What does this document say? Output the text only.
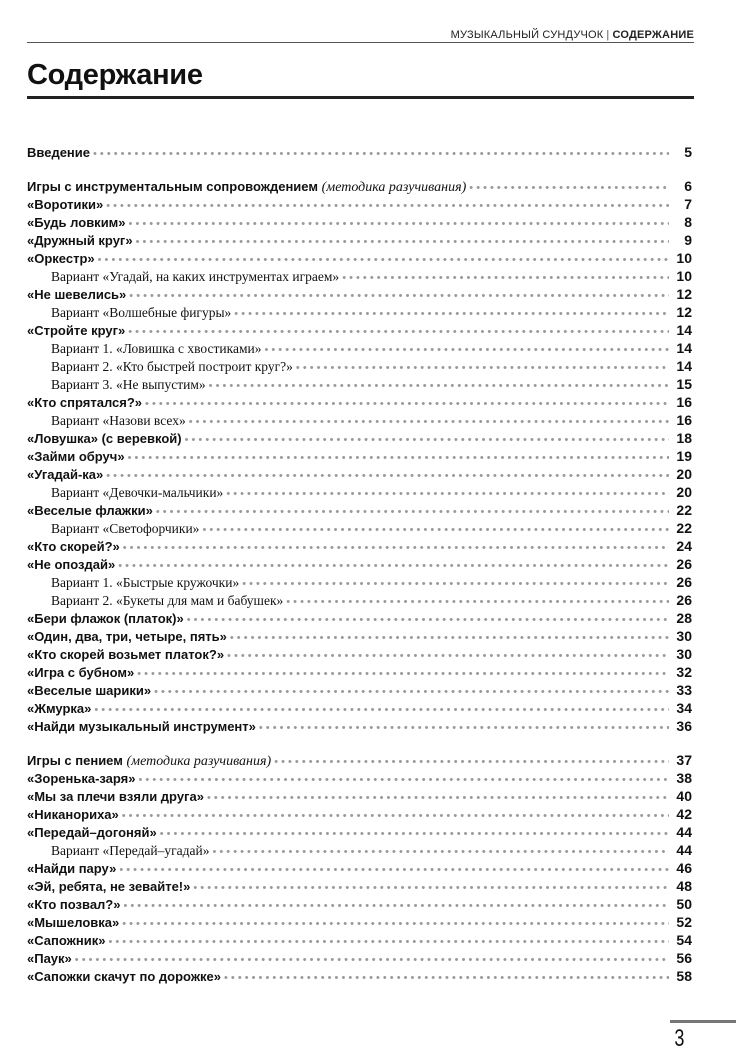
МУЗЫКАЛЬНЫЙ СУНДУЧОК | СОДЕРЖАНИЕ
Содержание
Введение • • •	5
Игры с инструментальным сопровождением (методика разучивания) • • •	6
«Воротики» • • •	7
«Будь ловким» • • •	8
«Дружный круг» • • •	9
«Оркестр» • • •	10
Вариант «Угадай, на каких инструментах играем» • • •	10
«Не шевелись» • • •	12
Вариант «Волшебные фигуры» • • •	12
«Стройте круг» • • •	14
Вариант 1. «Ловишка с хвостиками» • • •	14
Вариант 2. «Кто быстрей построит круг?» • • •	14
Вариант 3. «Не выпустим» • • •	15
«Кто спрятался?» • • •	16
Вариант «Назови всех» • • •	16
«Ловушка» (с веревкой) • • •	18
«Займи обруч» • • •	19
«Угадай-ка» • • •	20
Вариант «Девочки-мальчики» • • •	20
«Веселые флажки» • • •	22
Вариант «Светофорчики» • • •	22
«Кто скорей?» • • •	24
«Не опоздай» • • •	26
Вариант 1. «Быстрые кружочки» • • •	26
Вариант 2. «Букеты для мам и бабушек» • • •	26
«Бери флажок (платок)» • • •	28
«Один, два, три, четыре, пять» • • •	30
«Кто скорей возьмет платок?» • • •	30
«Игра с бубном» • • •	32
«Веселые шарики» • • •	33
«Жмурка» • • •	34
«Найди музыкальный инструмент» • • •	36
Игры с пением (методика разучивания) • • •	37
«Зоренька-заря» • • •	38
«Мы за плечи взяли друга» • • •	40
«Никанориха» • • •	42
«Передай–догоняй» • • •	44
Вариант «Передай–угадай» • • •	44
«Найди пару» • • •	46
«Эй, ребята, не зевайте!» • • •	48
«Кто позвал?» • • •	50
«Мышеловка» • • •	52
«Сапожник» • • •	54
«Паук» • • •	56
«Сапожки скачут по дорожке» • • •	58
3
